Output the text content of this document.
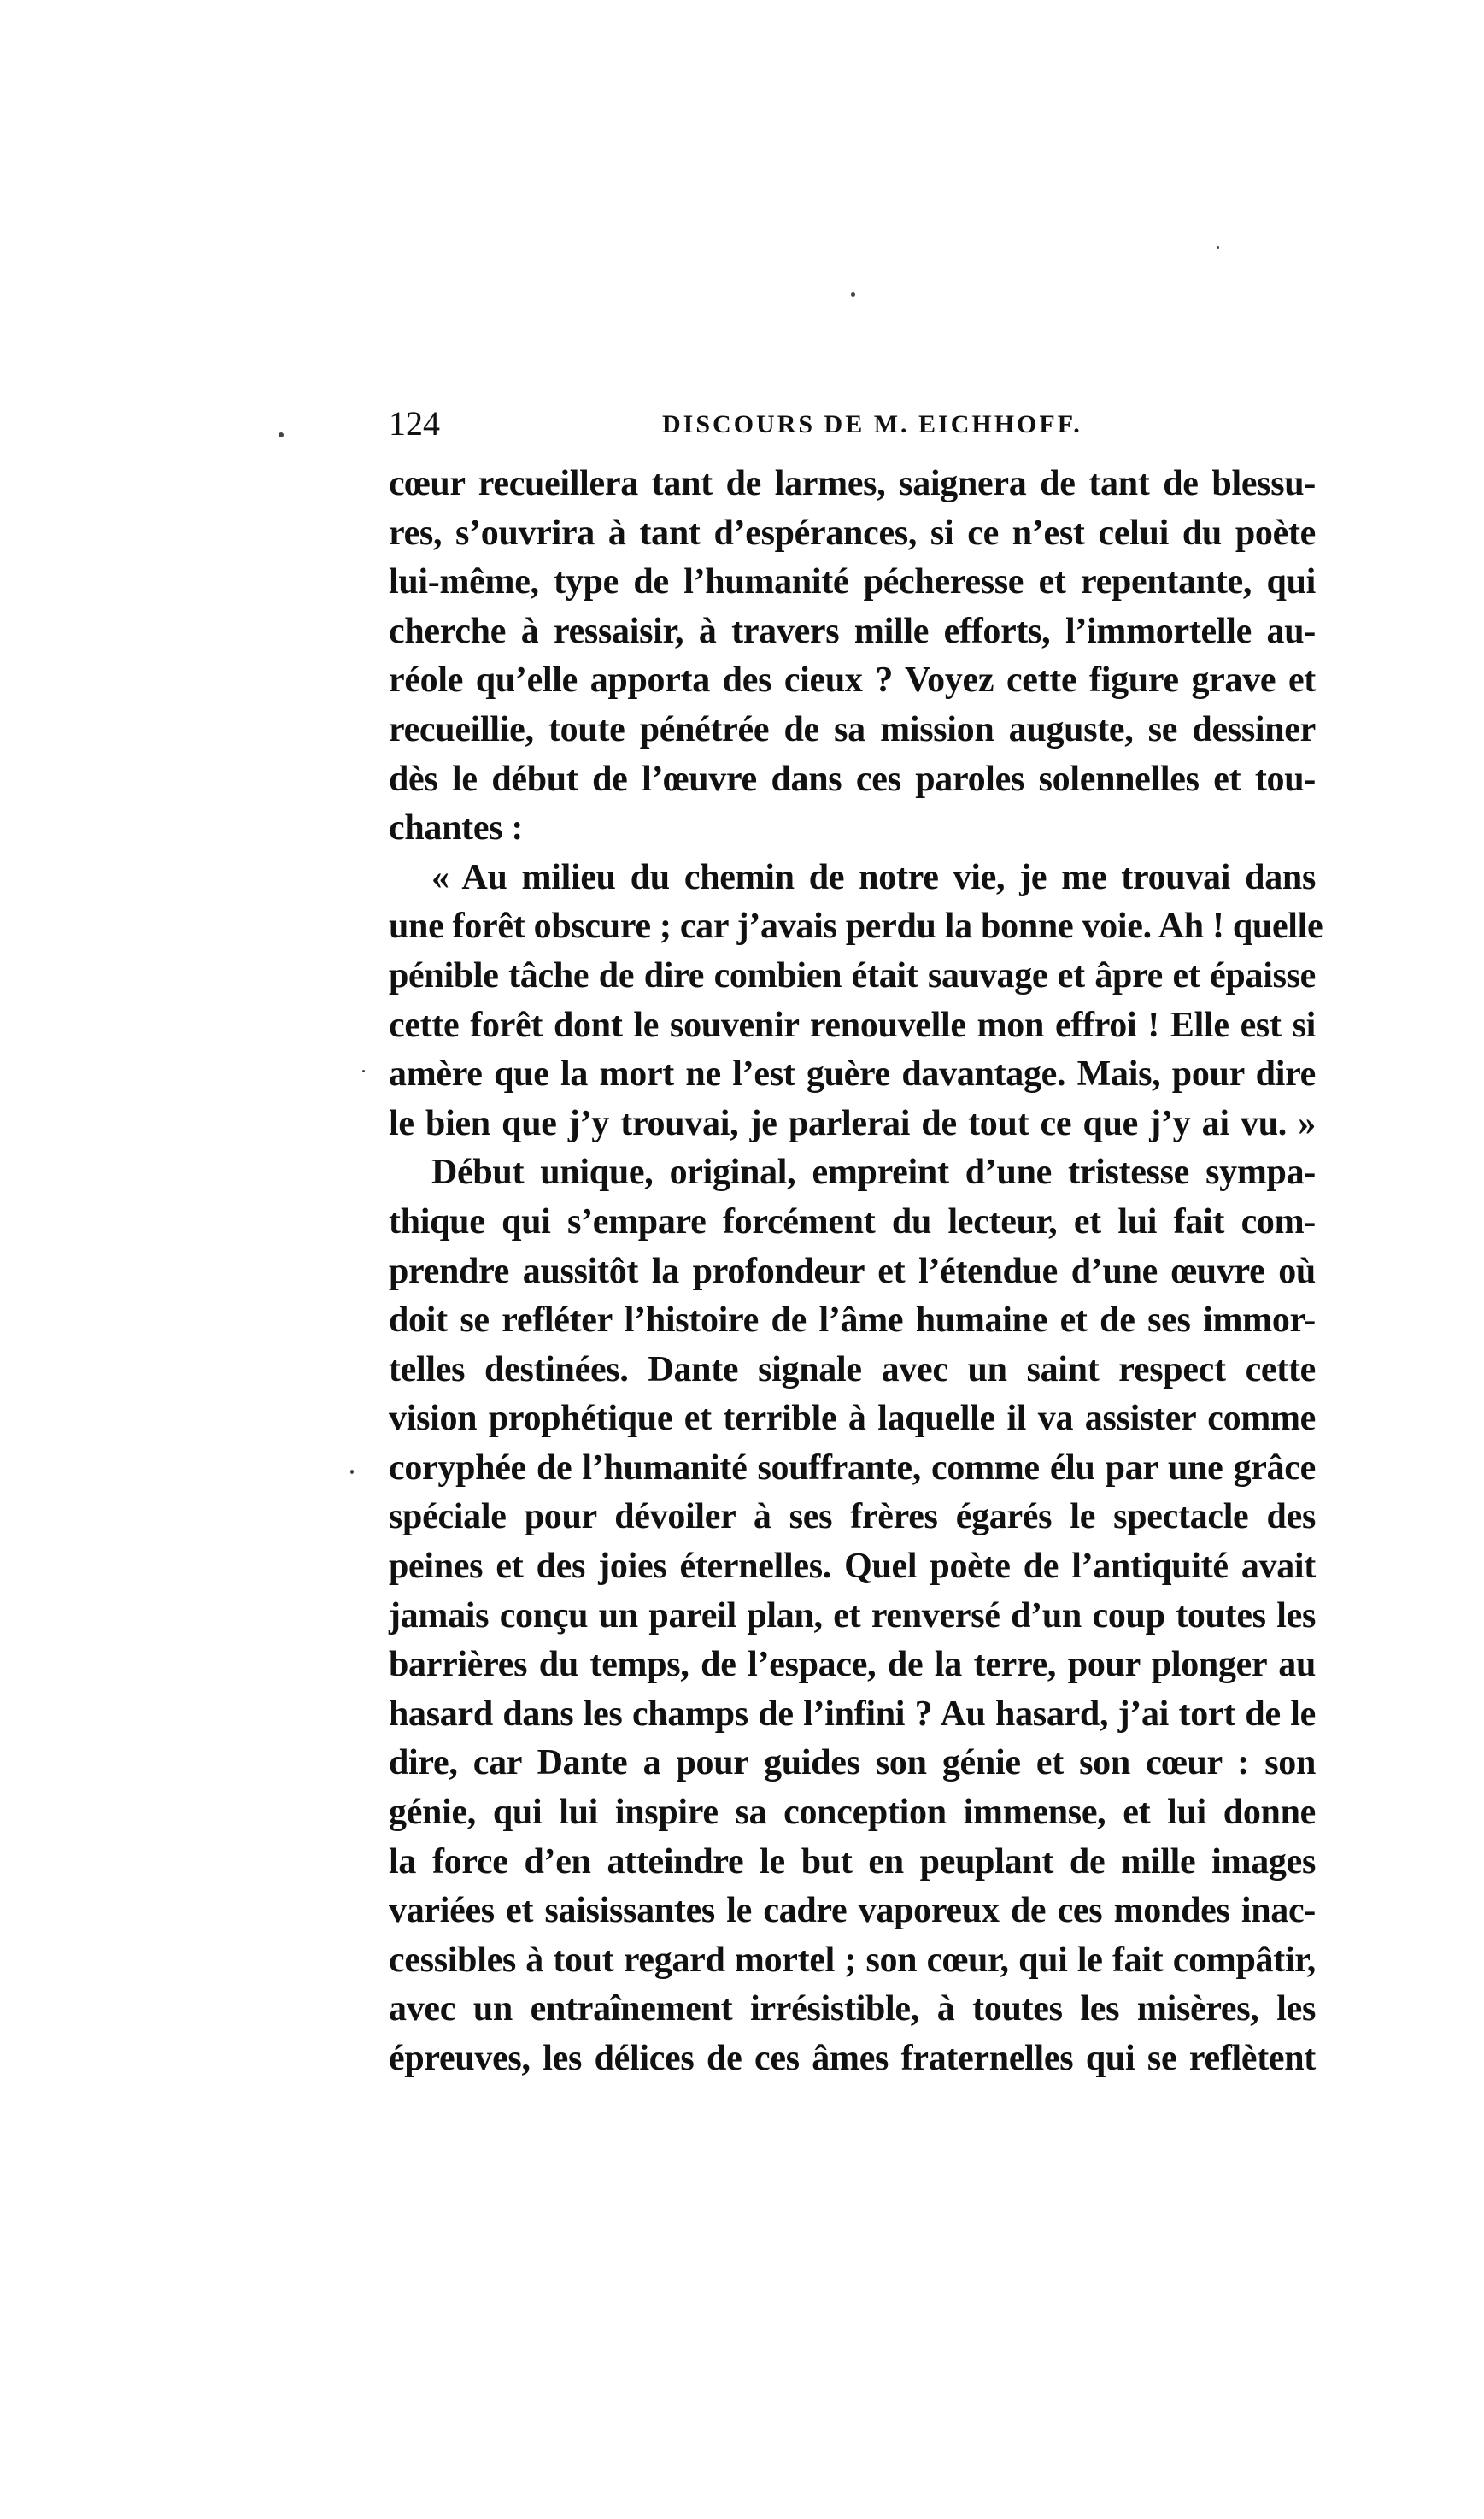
124	DISCOURS DE M. EICHHOFF.
cœur recueillera tant de larmes, saignera de tant de blessu-
res, s’ouvrira à tant d’espérances, si ce n’est celui du poète
lui-même, type de l’humanité pécheresse et repentante, qui
cherche à ressaisir, à travers mille efforts, l’immortelle au-
réole qu’elle apporta des cieux ? Voyez cette figure grave et
recueillie, toute pénétrée de sa mission auguste, se dessiner
dès le début de l’œuvre dans ces paroles solennelles et tou-
chantes :
« Au milieu du chemin de notre vie, je me trouvai dans
une forêt obscure ; car j’avais perdu la bonne voie. Ah ! quelle
pénible tâche de dire combien était sauvage et âpre et épaisse
cette forêt dont le souvenir renouvelle mon effroi ! Elle est si
amère que la mort ne l’est guère davantage. Mais, pour dire
le bien que j’y trouvai, je parlerai de tout ce que j’y ai vu. »
Début unique, original, empreint d’une tristesse sympa-
thique qui s’empare forcément du lecteur, et lui fait com-
prendre aussitôt la profondeur et l’étendue d’une œuvre où
doit se refléter l’histoire de l’âme humaine et de ses immor-
telles destinées. Dante signale avec un saint respect cette
vision prophétique et terrible à laquelle il va assister comme
coryphée de l’humanité souffrante, comme élu par une grâce
spéciale pour dévoiler à ses frères égarés le spectacle des
peines et des joies éternelles. Quel poète de l’antiquité avait
jamais conçu un pareil plan, et renversé d’un coup toutes les
barrières du temps, de l’espace, de la terre, pour plonger au
hasard dans les champs de l’infini ? Au hasard, j’ai tort de le
dire, car Dante a pour guides son génie et son cœur : son
génie, qui lui inspire sa conception immense, et lui donne
la force d’en atteindre le but en peuplant de mille images
variées et saisissantes le cadre vaporeux de ces mondes inac-
cessibles à tout regard mortel ; son cœur, qui le fait compâtir,
avec un entraînement irrésistible, à toutes les misères, les
épreuves, les délices de ces âmes fraternelles qui se reflètent
